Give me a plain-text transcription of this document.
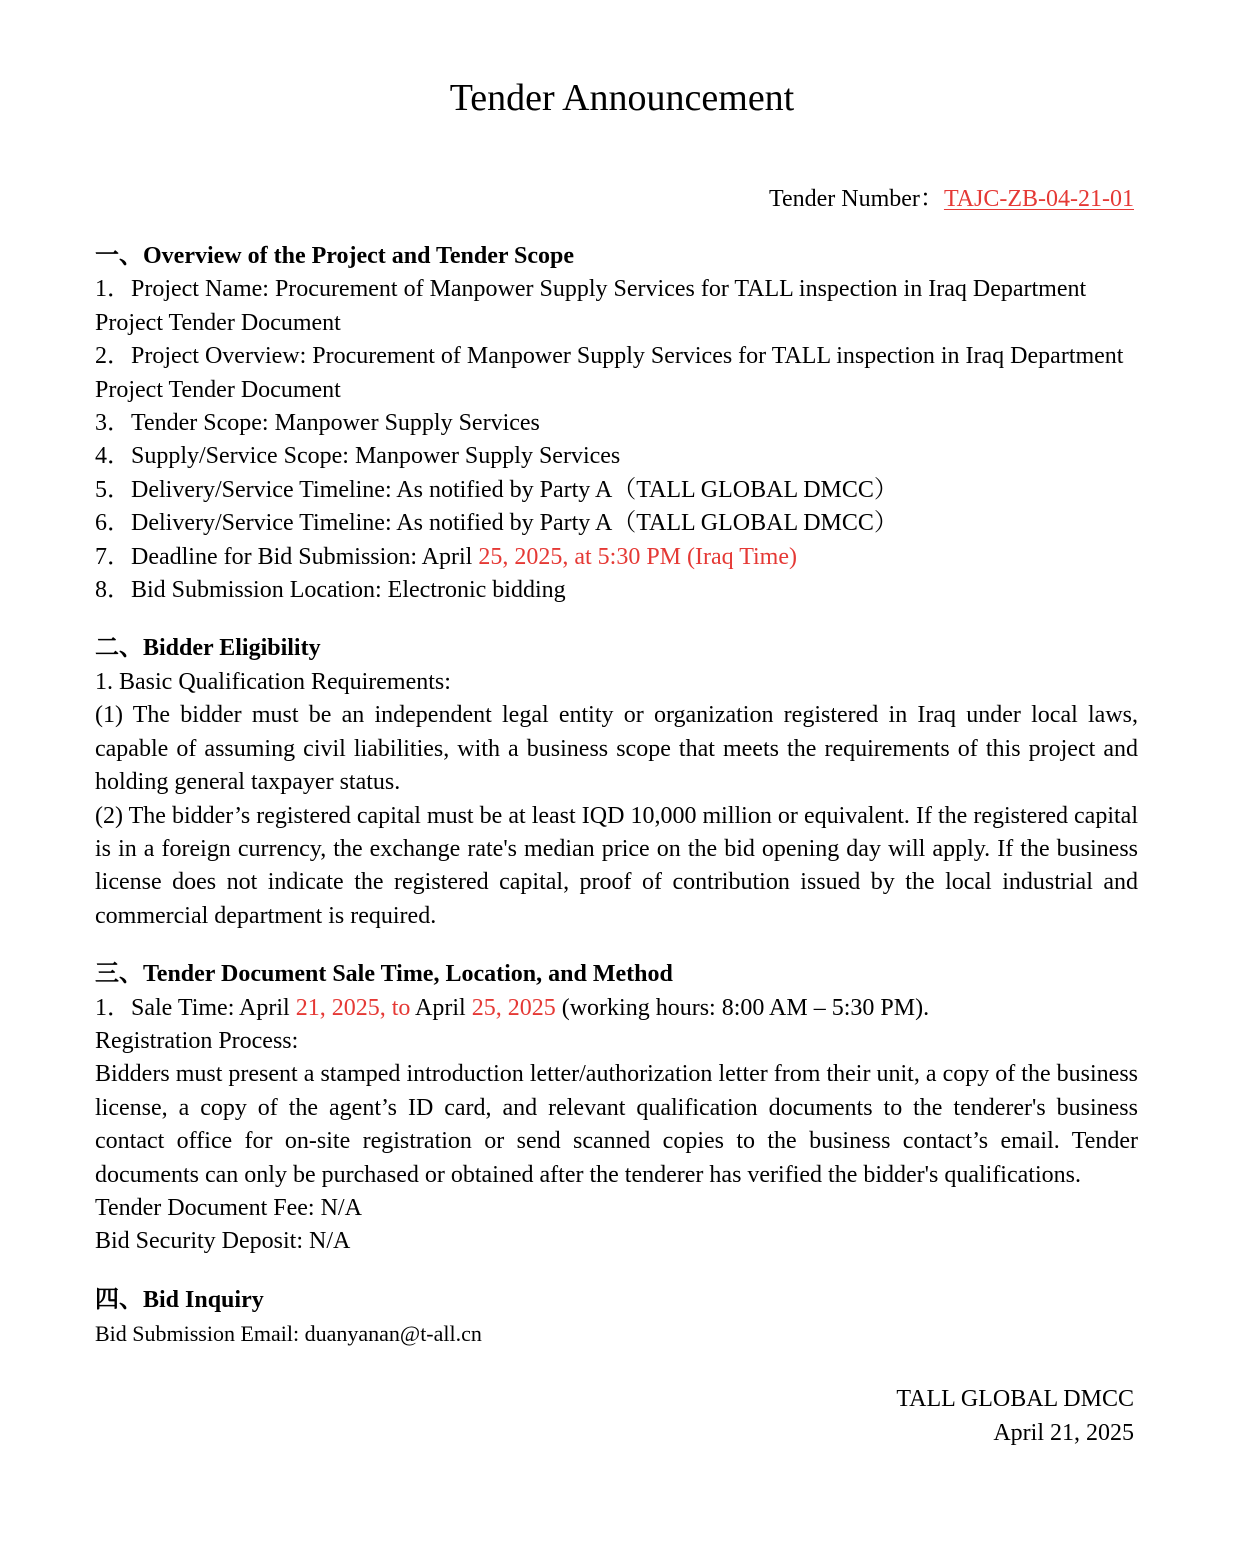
Tender Announcement
Tender Number：TAJC-ZB-04-21-01
一、Overview of the Project and Tender Scope
1．Project Name: Procurement of Manpower Supply Services for TALL inspection in Iraq Department Project Tender Document
2．Project Overview: Procurement of Manpower Supply Services for TALL inspection in Iraq Department Project Tender Document
3．Tender Scope: Manpower Supply Services
4．Supply/Service Scope: Manpower Supply Services
5．Delivery/Service Timeline: As notified by Party A（TALL GLOBAL DMCC）
6．Delivery/Service Timeline: As notified by Party A（TALL GLOBAL DMCC）
7．Deadline for Bid Submission: April 25, 2025, at 5:30 PM (Iraq Time)
8．Bid Submission Location: Electronic bidding
二、Bidder Eligibility
1. Basic Qualification Requirements:
(1) The bidder must be an independent legal entity or organization registered in Iraq under local laws, capable of assuming civil liabilities, with a business scope that meets the requirements of this project and holding general taxpayer status.
(2) The bidder’s registered capital must be at least IQD 10,000 million or equivalent. If the registered capital is in a foreign currency, the exchange rate's median price on the bid opening day will apply. If the business license does not indicate the registered capital, proof of contribution issued by the local industrial and commercial department is required.
三、Tender Document Sale Time, Location, and Method
1．Sale Time: April 21, 2025, to April 25, 2025 (working hours: 8:00 AM – 5:30 PM).
Registration Process:
Bidders must present a stamped introduction letter/authorization letter from their unit, a copy of the business license, a copy of the agent’s ID card, and relevant qualification documents to the tenderer's business contact office for on-site registration or send scanned copies to the business contact’s email. Tender documents can only be purchased or obtained after the tenderer has verified the bidder's qualifications.
Tender Document Fee: N/A
Bid Security Deposit: N/A
四、Bid Inquiry
Bid Submission Email: duanyanan@t-all.cn
TALL GLOBAL DMCC
April 21, 2025
